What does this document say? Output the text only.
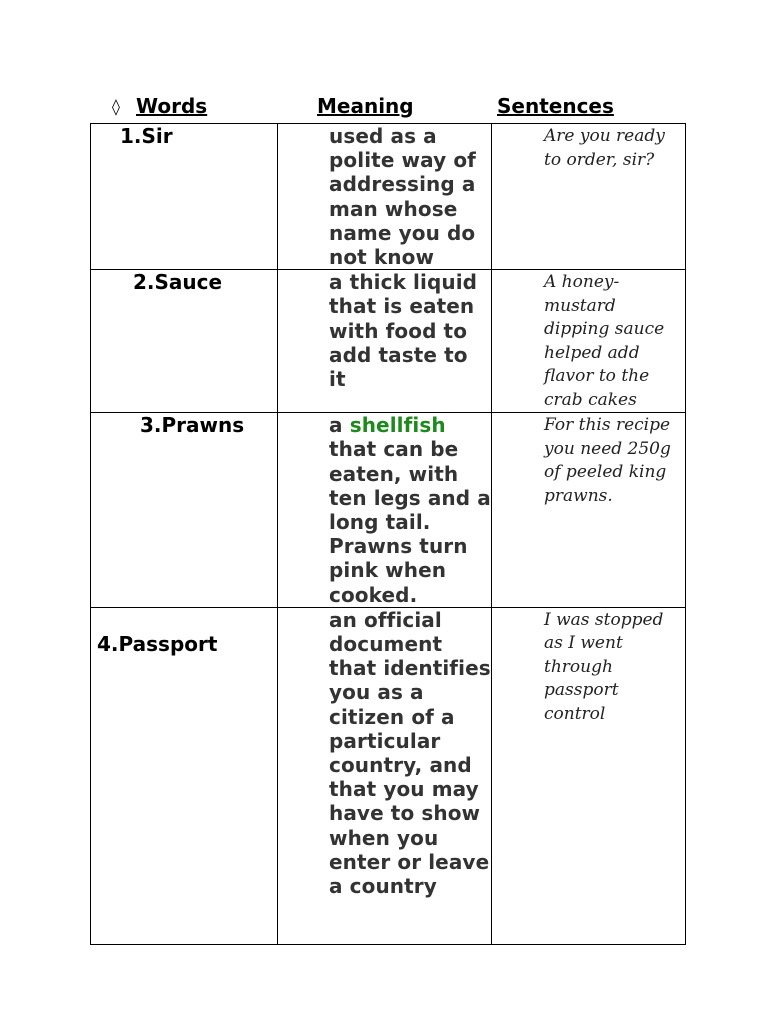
◊ Words	Meaning	Sentences
1.Sir	used as a polite way of addressing a man whose name you do not know	Are you ready to order, sir?

2.Sauce	a thick liquid that is eaten with food to add taste to it	A honey-mustard dipping sauce helped add flavor to the crab cakes

3.Prawns	a shellfish that can be eaten, with ten legs and a long tail. Prawns turn pink when cooked.	For this recipe you need 250g of peeled king prawns.

4.Passport	an official document that identifies you as a citizen of a particular country, and that you may have to show when you enter or leave a country	I was stopped as I went through passport control
